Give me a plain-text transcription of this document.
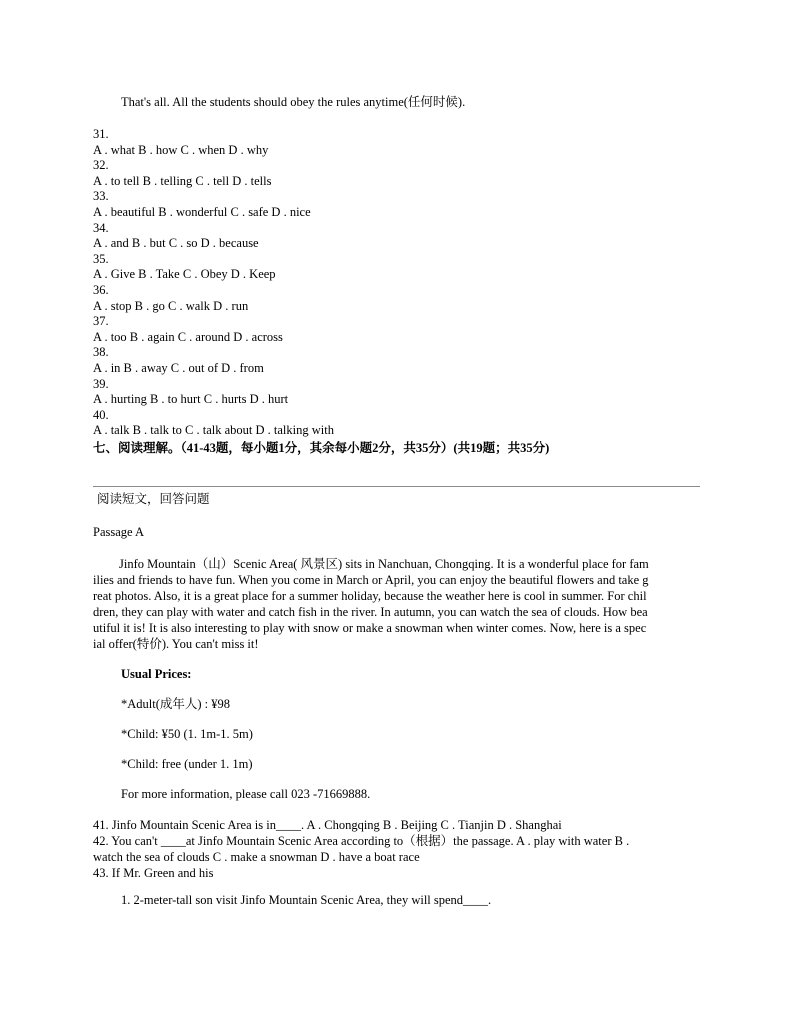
That's all. All the students should obey the rules anytime(任何时候).
31.
A . what B . how C . when D . why
32.
A . to tell B . telling C . tell D . tells
33.
A . beautiful B . wonderful C . safe D . nice
34.
A . and B . but C . so D . because
35.
A . Give B . Take C . Obey D . Keep
36.
A . stop B . go C . walk D . run
37.
A . too B . again C . around D . across
38.
A . in B . away C . out of D . from
39.
A . hurting B . to hurt C . hurts D . hurt
40.
A . talk B . talk to C . talk about D . talking with
七、阅读理解。（41-43题，每小题1分，其余每小题2分，共35分）(共19题；共35分)
阅读短文，回答问题
Passage A
Jinfo Mountain（山）Scenic Area( 风景区) sits in Nanchuan, Chongqing. It is a wonderful place for fam
ilies and friends to have fun. When you come in March or April, you can enjoy the beautiful flowers and take g
reat photos. Also, it is a great place for a summer holiday, because the weather here is cool in summer. For chil
dren, they can play with water and catch fish in the river. In autumn, you can watch the sea of clouds. How bea
utiful it is! It is also interesting to play with snow or make a snowman when winter comes. Now, here is a spec
ial offer(特价). You can't miss it!
Usual Prices:
*Adult(成年人) : ¥98
*Child: ¥50 (1. 1m-1. 5m)
*Child: free (under 1. 1m)
For more information, please call 023 -71669888.
41. Jinfo Mountain Scenic Area is in____. A . Chongqing B . Beijing C . Tianjin D . Shanghai
42. You can't ____at Jinfo Mountain Scenic Area according to（根据）the passage. A . play with water B .
watch the sea of clouds C . make a snowman D . have a boat race
43. If Mr. Green and his
1. 2-meter-tall son visit Jinfo Mountain Scenic Area, they will spend____.
